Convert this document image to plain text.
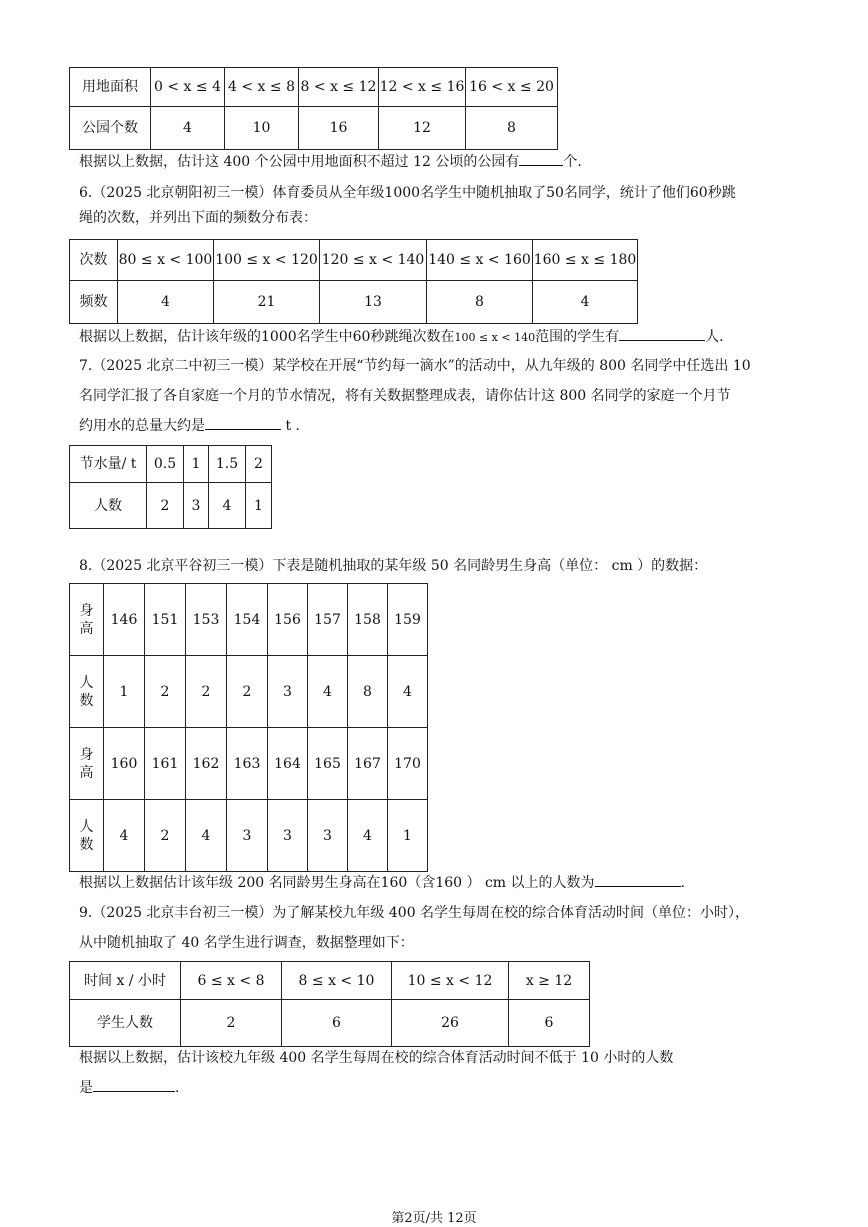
用地面积	0 < x ≤ 4	4 < x ≤ 8	8 < x ≤ 12	12 < x ≤ 16	16 < x ≤ 20
公园个数	4	10	16	12	8
根据以上数据，估计这 400 个公园中用地面积不超过 12 公顷的公园有	个.
6.（2025 北京朝阳初三一模）体育委员从全年级1000名学生中随机抽取了50名同学，统计了他们60秒跳
绳的次数，并列出下面的频数分布表：
次数	80 ≤ x < 100	100 ≤ x < 120	120 ≤ x < 140	140 ≤ x < 160	160 ≤ x ≤ 180
频数	4	21	13	8	4
根据以上数据，估计该年级的1000名学生中60秒跳绳次数在100 ≤ x < 140范围的学生有	人.
7.（2025 北京二中初三一模）某学校在开展“节约每一滴水”的活动中，从九年级的 800 名同学中任选出 10
名同学汇报了各自家庭一个月的节水情况，将有关数据整理成表，请你估计这 800 名同学的家庭一个月节
约用水的总量大约是	t .
节水量/ t	0.5	1	1.5	2
人数	2	3	4	1
8.（2025 北京平谷初三一模）下表是随机抽取的某年级 50 名同龄男生身高（单位： cm ）的数据：
身
高	146	151	153	154	156	157	158	159
人
数	1	2	2	2	3	4	8	4
身
高	160	161	162	163	164	165	167	170
人
数	4	2	4	3	3	3	4	1
根据以上数据估计该年级 200 名同龄男生身高在160（含160 ） cm 以上的人数为	.
9.（2025 北京丰台初三一模）为了解某校九年级 400 名学生每周在校的综合体育活动时间（单位：小时），
从中随机抽取了 40 名学生进行调查，数据整理如下：
时间 x / 小时	6 ≤ x < 8	8 ≤ x < 10	10 ≤ x < 12	x ≥ 12
学生人数	2	6	26	6
根据以上数据，估计该校九年级 400 名学生每周在校的综合体育活动时间不低于 10 小时的人数
是	.
第2页/共 12页
